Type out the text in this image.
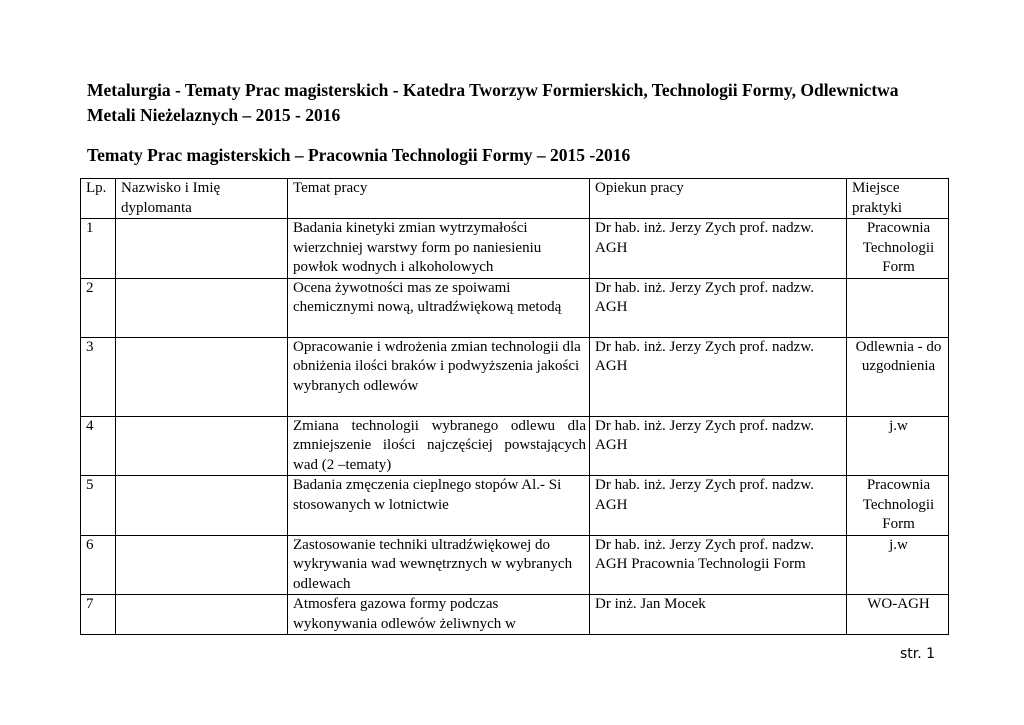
Metalurgia - Tematy Prac magisterskich - Katedra Tworzyw Formierskich, Technologii Formy, Odlewnictwa Metali Nieżelaznych – 2015 - 2016
Tematy Prac magisterskich – Pracownia Technologii Formy – 2015 -2016
Lp.	Nazwisko i Imię dyplomanta	Temat pracy	Opiekun pracy	Miejsce praktyki
1		Badania kinetyki zmian wytrzymałości wierzchniej warstwy form po naniesieniu powłok wodnych i alkoholowych	Dr hab. inż. Jerzy Zych prof. nadzw. AGH	Pracownia Technologii Form
2		Ocena żywotności mas ze spoiwami chemicznymi nową, ultradźwiękową metodą	Dr hab. inż. Jerzy Zych prof. nadzw. AGH	
3		Opracowanie i wdrożenia zmian technologii dla obniżenia ilości braków i podwyższenia jakości wybranych odlewów	Dr hab. inż. Jerzy Zych prof. nadzw. AGH	Odlewnia - do uzgodnienia
4		Zmiana technologii wybranego odlewu dla zmniejszenie ilości najczęściej powstających wad (2 –tematy)	Dr hab. inż. Jerzy Zych prof. nadzw. AGH	j.w
5		Badania zmęczenia cieplnego stopów Al.- Si stosowanych w lotnictwie	Dr hab. inż. Jerzy Zych prof. nadzw. AGH	Pracownia Technologii Form
6		Zastosowanie techniki ultradźwiękowej do wykrywania wad wewnętrznych w wybranych odlewach	Dr hab. inż. Jerzy Zych prof. nadzw. AGH Pracownia Technologii Form	j.w
7		Atmosfera gazowa formy podczas wykonywania odlewów żeliwnych w	Dr inż. Jan Mocek	WO-AGH
str. 1
